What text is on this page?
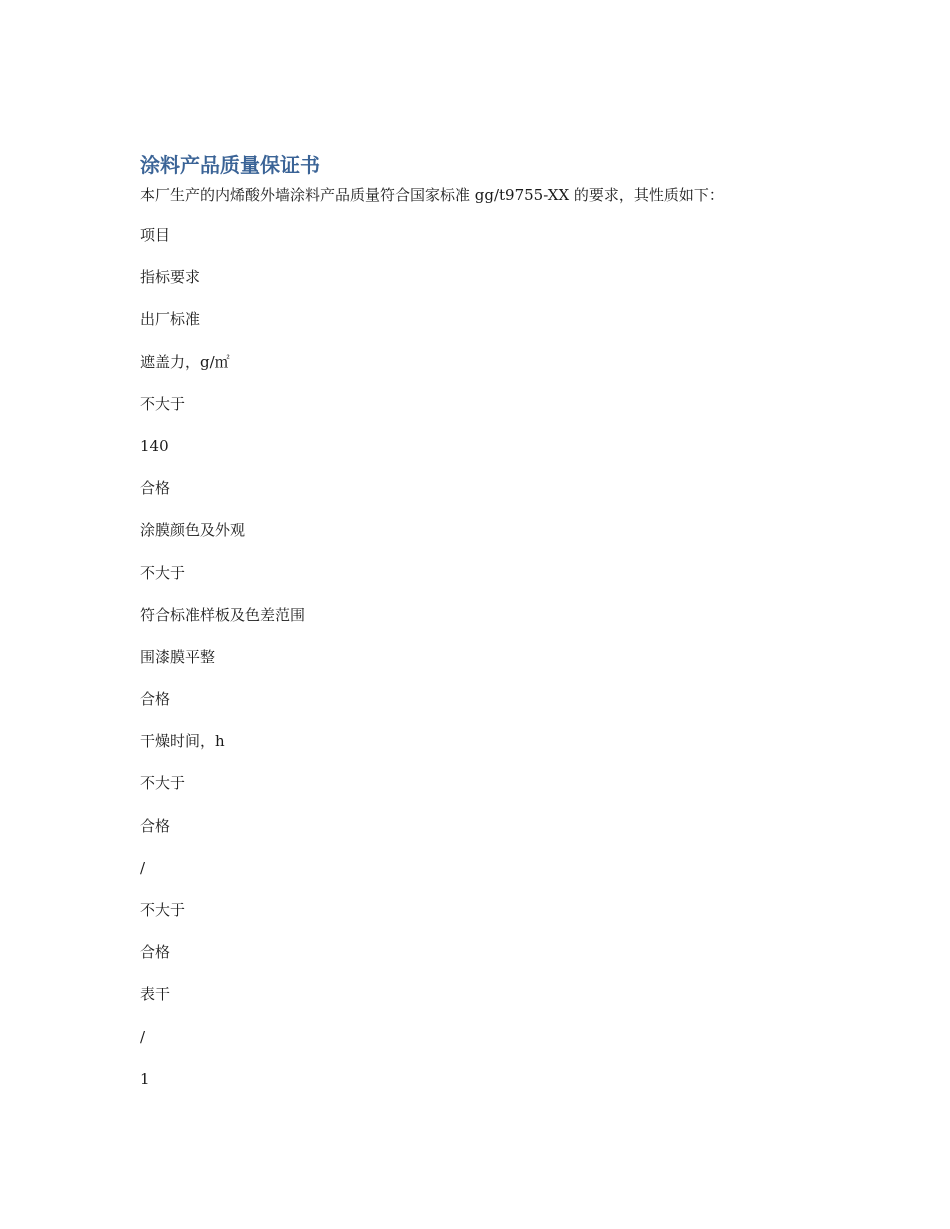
涂料产品质量保证书

本厂生产的内烯酸外墙涂料产品质量符合国家标准 gg/t9755-XX 的要求，其性质如下：

项目
指标要求
出厂标准
遮盖力，g/㎡
不大于
140
合格
涂膜颜色及外观
不大于
符合标准样板及色差范围
围漆膜平整
合格
干燥时间，h
不大于
合格
/
不大于
合格
表干
/
1
